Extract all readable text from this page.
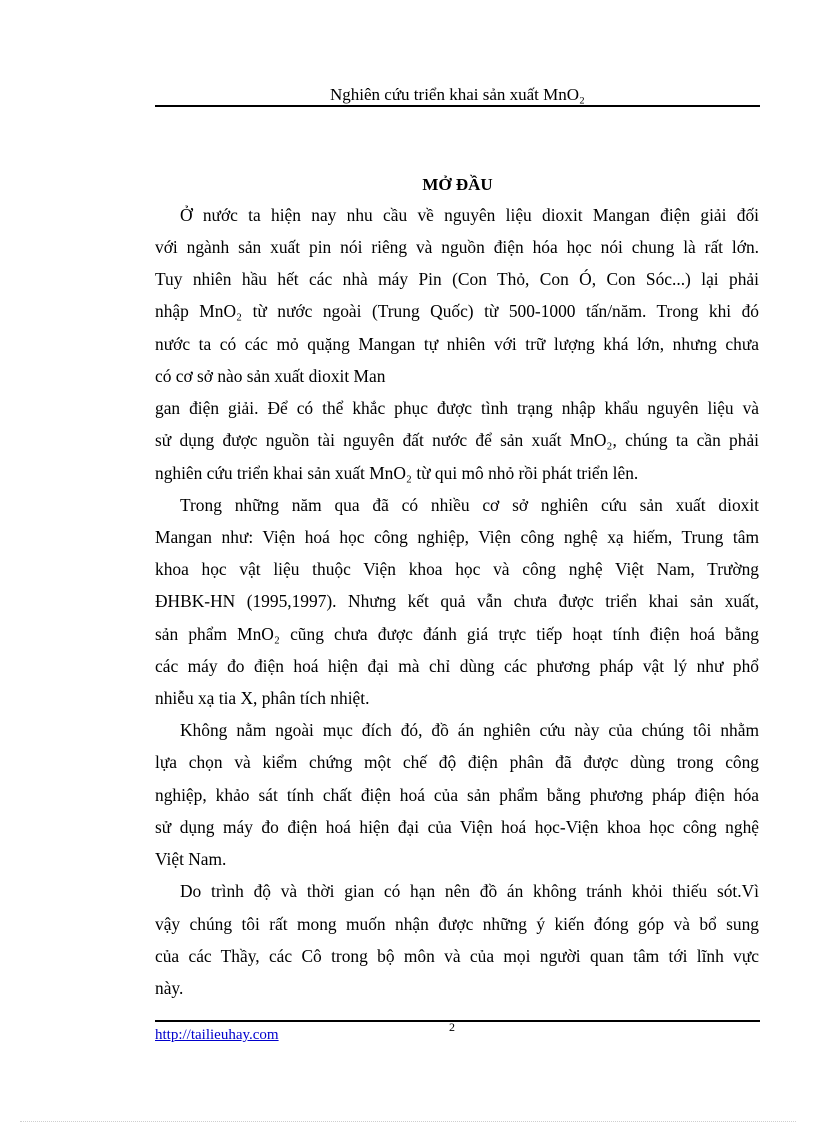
Nghiên cứu triển khai sản xuất MnO₂
MỞ ĐẦU
Ở nước ta hiện nay nhu cầu về nguyên liệu dioxit Mangan điện giải đối
với ngành sản xuất pin nói riêng và nguồn điện hóa học nói chung là rất lớn.
Tuy nhiên hầu hết các nhà máy Pin (Con Thỏ, Con Ó, Con Sóc...) lại phải
nhập MnO₂ từ nước ngoài (Trung Quốc) từ 500-1000 tấn/năm. Trong khi đó
nước ta có các mỏ quặng Mangan tự nhiên với trữ lượng khá lớn, nhưng chưa
có cơ sở nào sản xuất dioxit Man
gan điện giải. Để có thể khắc phục được tình trạng nhập khẩu nguyên liệu và
sử dụng được nguồn tài nguyên đất nước để sản xuất MnO₂, chúng ta cần phải
nghiên cứu triển khai sản xuất MnO₂ từ qui mô nhỏ rồi phát triển lên.
Trong những năm qua đã có nhiều cơ sở nghiên cứu sản xuất dioxit
Mangan như: Viện hoá học công nghiệp, Viện công nghệ xạ hiếm, Trung tâm
khoa học vật liệu thuộc Viện khoa học và công nghệ Việt Nam, Trường
ĐHBK-HN (1995,1997). Nhưng kết quả vẫn chưa được triển khai sản xuất,
sản phẩm MnO₂ cũng chưa được đánh giá trực tiếp hoạt tính điện hoá bằng
các máy đo điện hoá hiện đại mà chỉ dùng các phương pháp vật lý như phổ
nhiễu xạ tia X, phân tích nhiệt.
Không nằm ngoài mục đích đó, đồ án nghiên cứu này của chúng tôi nhằm
lựa chọn và kiểm chứng một chế độ điện phân đã được dùng trong công
nghiệp, khảo sát tính chất điện hoá của sản phẩm bằng phương pháp điện hóa
sử dụng máy đo điện hoá hiện đại của Viện hoá học-Viện khoa học công nghệ
Việt Nam.
Do trình độ và thời gian có hạn nên đồ án không tránh khỏi thiếu sót.Vì
vậy chúng tôi rất mong muốn nhận được những ý kiến đóng góp và bổ sung
của các Thầy, các Cô trong bộ môn và của mọi người quan tâm tới lĩnh vực
này.
http://tailieuhay.com	2
